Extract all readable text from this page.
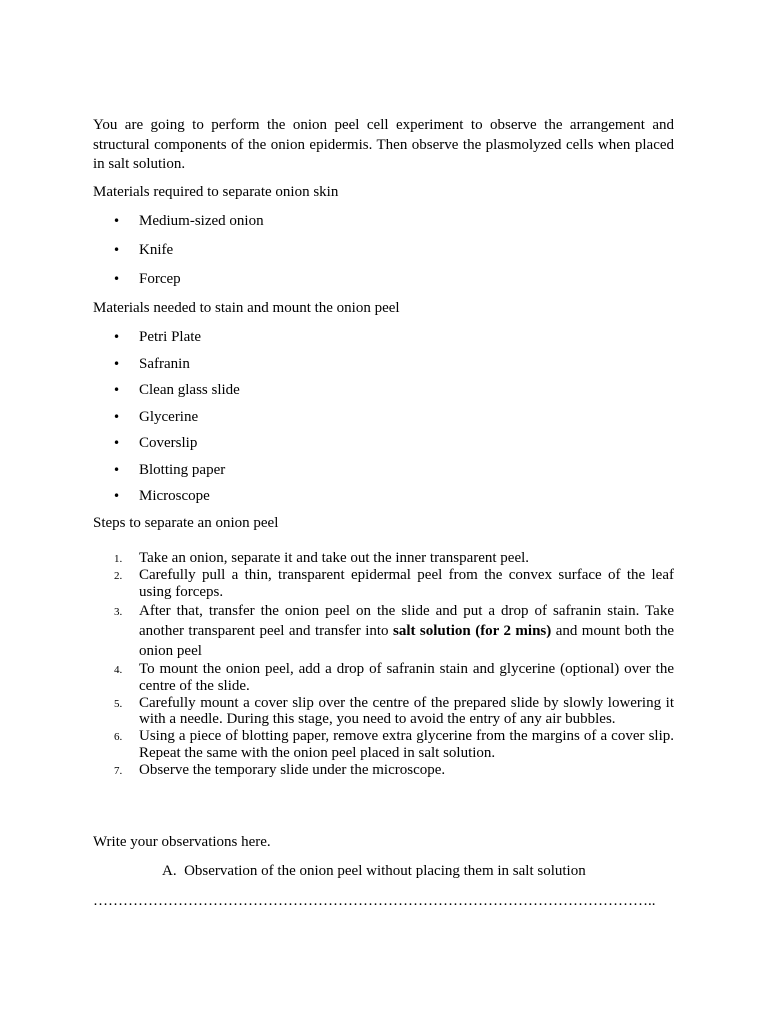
You are going to perform the onion peel cell experiment to observe the arrangement and structural components of the onion epidermis. Then observe the plasmolyzed cells when placed in salt solution.

Materials required to separate onion skin

• Medium-sized onion
• Knife
• Forcep

Materials needed to stain and mount the onion peel

• Petri Plate
• Safranin
• Clean glass slide
• Glycerine
• Coverslip
• Blotting paper
• Microscope

Steps to separate an onion peel

1. Take an onion, separate it and take out the inner transparent peel.
2. Carefully pull a thin, transparent epidermal peel from the convex surface of the leaf using forceps.
3. After that, transfer the onion peel on the slide and put a drop of safranin stain. Take another transparent peel and transfer into salt solution (for 2 mins) and mount both the onion peel
4. To mount the onion peel, add a drop of safranin stain and glycerine (optional) over the centre of the slide.
5. Carefully mount a cover slip over the centre of the prepared slide by slowly lowering it with a needle. During this stage, you need to avoid the entry of any air bubbles.
6. Using a piece of blotting paper, remove extra glycerine from the margins of a cover slip. Repeat the same with the onion peel placed in salt solution.
7. Observe the temporary slide under the microscope.

Write your observations here.

A. Observation of the onion peel without placing them in salt solution

…………………………………………………………………………………………………..
